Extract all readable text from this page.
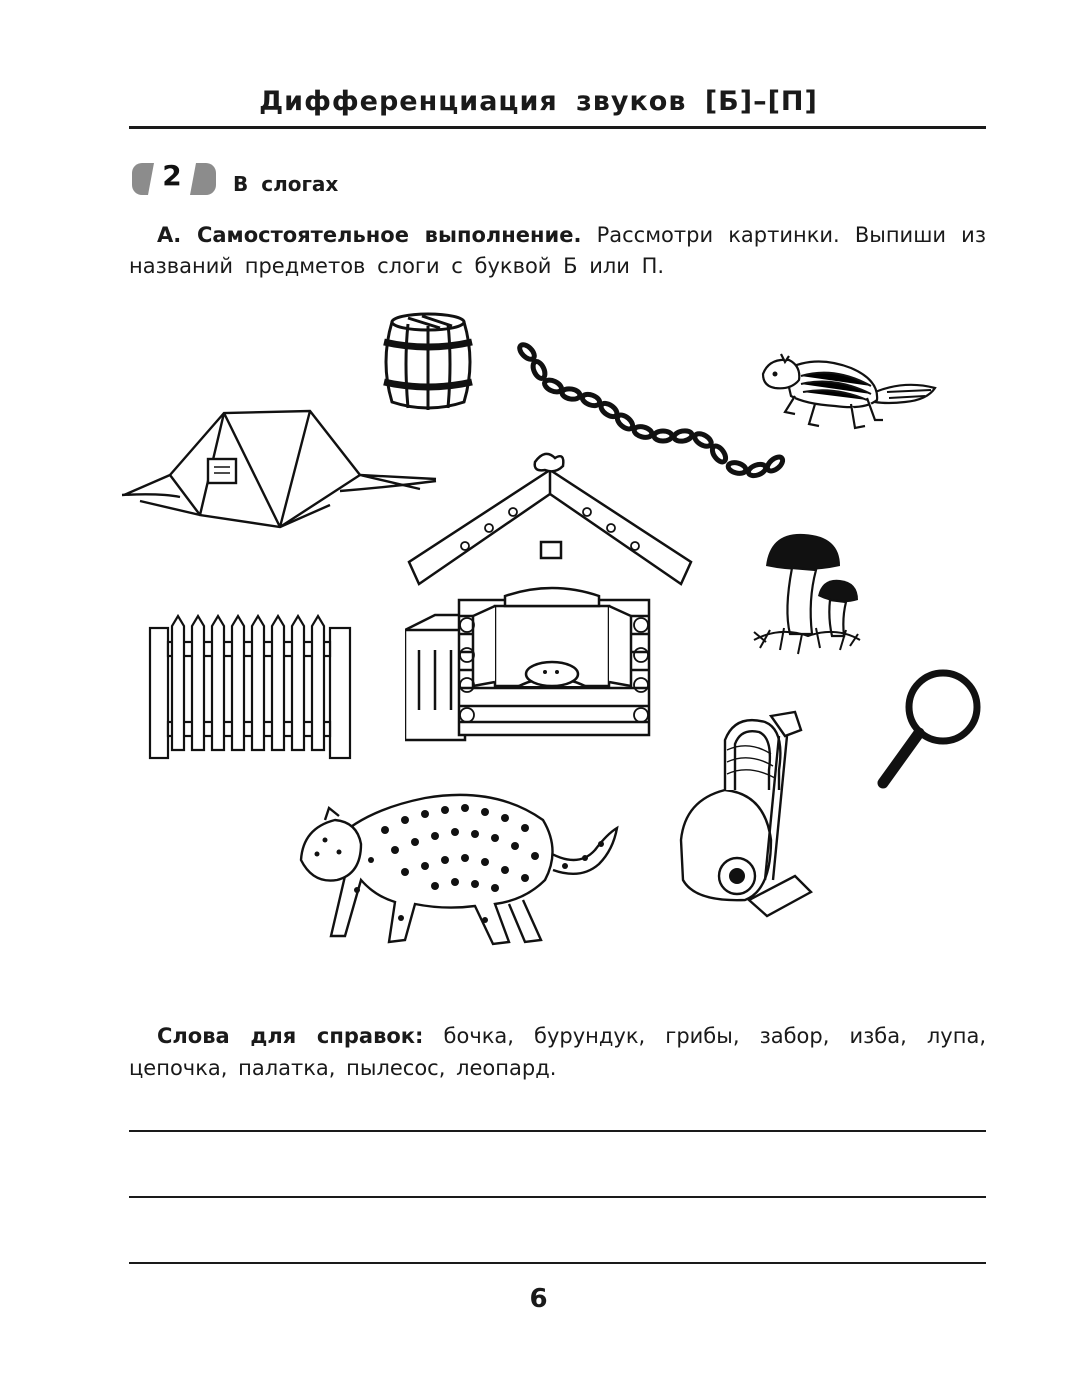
Дифференциация звуков [Б]–[П]
2	В слогах
А. Самостоятельное выполнение. Рассмотри картинки. Выпиши из названий предметов слоги с буквой Б или П.
Слова для справок: бочка, бурундук, грибы, забор, изба, лупа, цепочка, палатка, пылесос, леопард.
6
